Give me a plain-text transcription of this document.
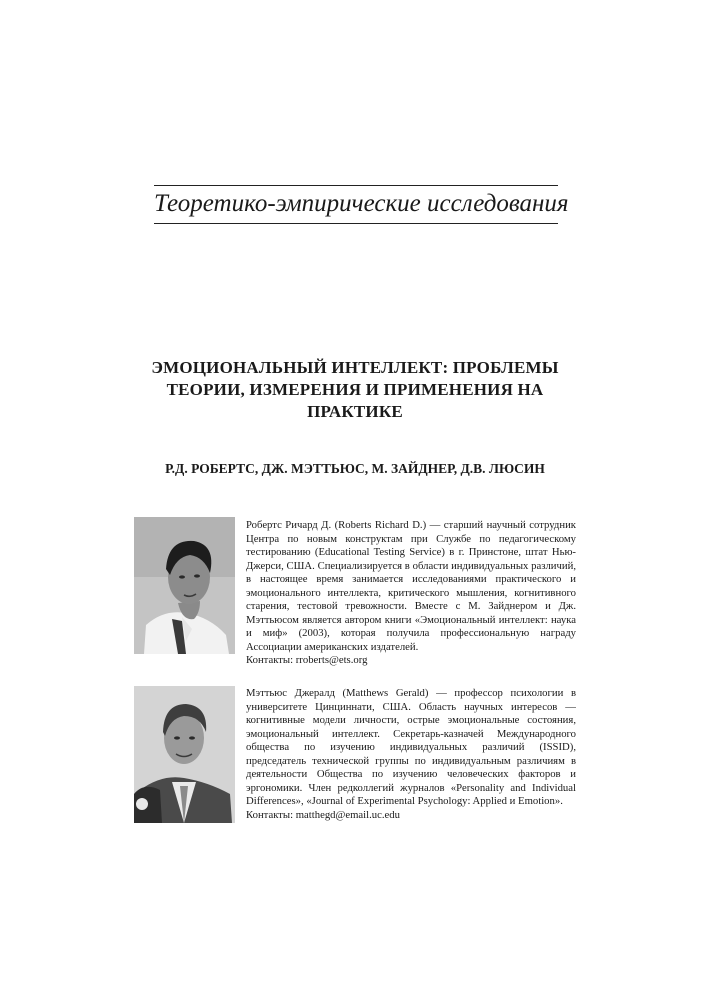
Теоретико-эмпирические исследования
ЭМОЦИОНАЛЬНЫЙ ИНТЕЛЛЕКТ: ПРОБЛЕМЫ
ТЕОРИИ, ИЗМЕРЕНИЯ И ПРИМЕНЕНИЯ НА
ПРАКТИКЕ
Р.Д. РОБЕРТС, ДЖ. МЭТТЬЮС, М. ЗАЙДНЕР, Д.В. ЛЮСИН

Робертс Ричард Д. (Roberts Richard D.) — старший научный сотрудник Центра по новым конструктам при Службе по педагогическому тестированию (Educational Testing Service) в г. Принстоне, штат Нью-Джерси, США. Специализируется в области индивидуальных различий, в настоящее время занимается исследованиями практического и эмоционального интеллекта, критического мышления, когнитивного старения, тестовой тревожности. Вместе с М. Зайднером и Дж. Мэттьюсом является автором книги «Эмоциональный интеллект: наука и миф» (2003), которая получила профессиональную награду Ассоциации американских издателей.

Контакты: rroberts@ets.org

Мэттьюс Джералд (Matthews Gerald) — профессор психологии в университете Цинциннати, США. Область научных интересов — когнитивные модели личности, острые эмоциональные состояния, эмоциональный интеллект. Секретарь-казначей Международного общества по изучению индивидуальных различий (ISSID), председатель технической группы по индивидуальным различиям в деятельности Общества по изучению человеческих факторов и эргономики. Член редколлегий журналов «Personality and Individual Differences», «Journal of Experimental Psychology: Applied и Emotion».

Контакты: matthegd@email.uc.edu
